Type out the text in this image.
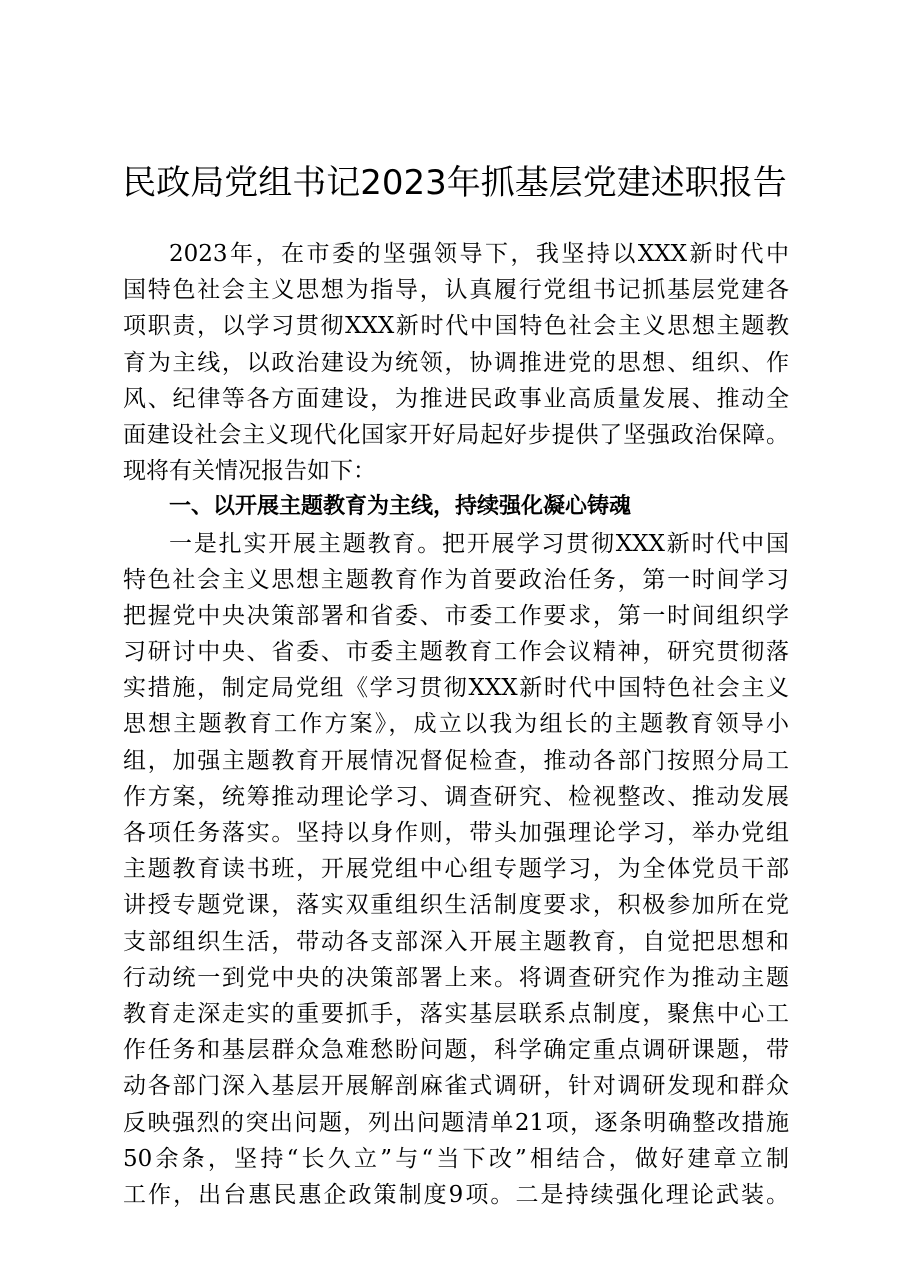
民政局党组书记2023年抓基层党建述职报告
2023年，在市委的坚强领导下，我坚持以XXX新时代中
国特色社会主义思想为指导，认真履行党组书记抓基层党建各
项职责，以学习贯彻XXX新时代中国特色社会主义思想主题教
育为主线，以政治建设为统领，协调推进党的思想、组织、作
风、纪律等各方面建设，为推进民政事业高质量发展、推动全
面建设社会主义现代化国家开好局起好步提供了坚强政治保障。
现将有关情况报告如下：
一、以开展主题教育为主线，持续强化凝心铸魂
一是扎实开展主题教育。把开展学习贯彻XXX新时代中国
特色社会主义思想主题教育作为首要政治任务，第一时间学习
把握党中央决策部署和省委、市委工作要求，第一时间组织学
习研讨中央、省委、市委主题教育工作会议精神，研究贯彻落
实措施，制定局党组《学习贯彻XXX新时代中国特色社会主义
思想主题教育工作方案》，成立以我为组长的主题教育领导小
组，加强主题教育开展情况督促检查，推动各部门按照分局工
作方案，统筹推动理论学习、调查研究、检视整改、推动发展
各项任务落实。坚持以身作则，带头加强理论学习，举办党组
主题教育读书班，开展党组中心组专题学习，为全体党员干部
讲授专题党课，落实双重组织生活制度要求，积极参加所在党
支部组织生活，带动各支部深入开展主题教育，自觉把思想和
行动统一到党中央的决策部署上来。将调查研究作为推动主题
教育走深走实的重要抓手，落实基层联系点制度，聚焦中心工
作任务和基层群众急难愁盼问题，科学确定重点调研课题，带
动各部门深入基层开展解剖麻雀式调研，针对调研发现和群众
反映强烈的突出问题，列出问题清单21项，逐条明确整改措施
50余条，坚持“长久立”与“当下改”相结合，做好建章立制
工作，出台惠民惠企政策制度9项。二是持续强化理论武装。
